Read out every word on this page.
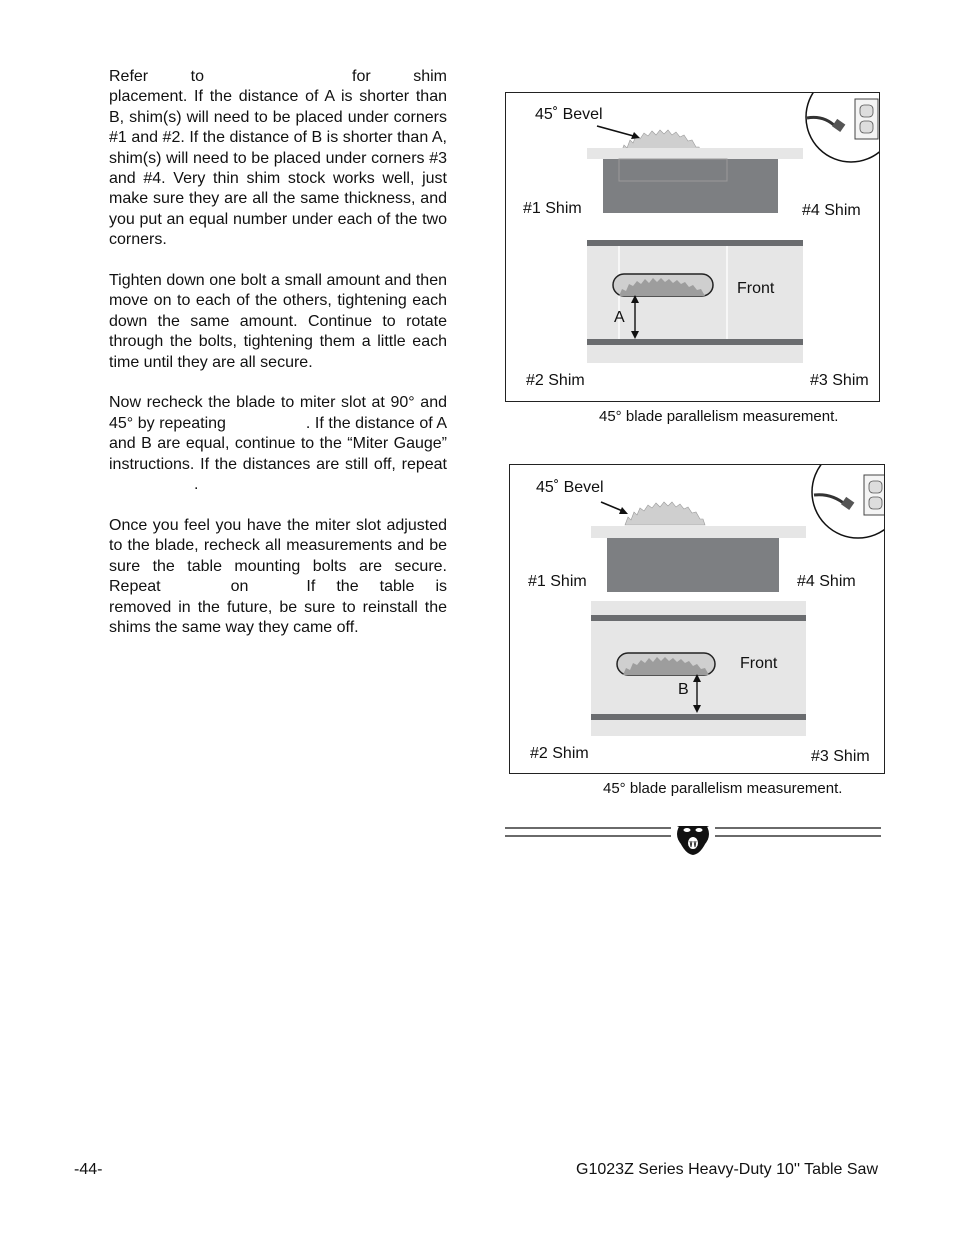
Refer to	for shim placement. If the distance of A is shorter than B, shim(s) will need to be placed under corners #1 and #2. If the distance of B is shorter than A, shim(s) will need to be placed under corners #3 and #4. Very thin shim stock works well, just make sure they are all the same thickness, and you put an equal number under each of the two corners.

Tighten down one bolt a small amount and then move on to each of the others, tightening each down the same amount. Continue to rotate through the bolts, tightening them a little each time until they are all secure.

Now recheck the blade to miter slot at 90° and 45° by repeating	. If the distance of A and B are equal, continue to the “Miter Gauge” instructions. If the distances are still off, repeat.

Once you feel you have the miter slot adjusted to the blade, recheck all measurements and be sure the table mounting bolts are secure. Repeat	on	If the table is removed in the future, be sure to reinstall the shims the same way they came off.

45˚ Bevel
#1 Shim	#4 Shim
Front
A
#2 Shim	#3 Shim
45° blade parallelism measurement.
45˚ Bevel
#1 Shim	#4 Shim
Front
B
#2 Shim	#3 Shim
45° blade parallelism measurement.
-44-	G1023Z Series Heavy-Duty 10'' Table Saw
